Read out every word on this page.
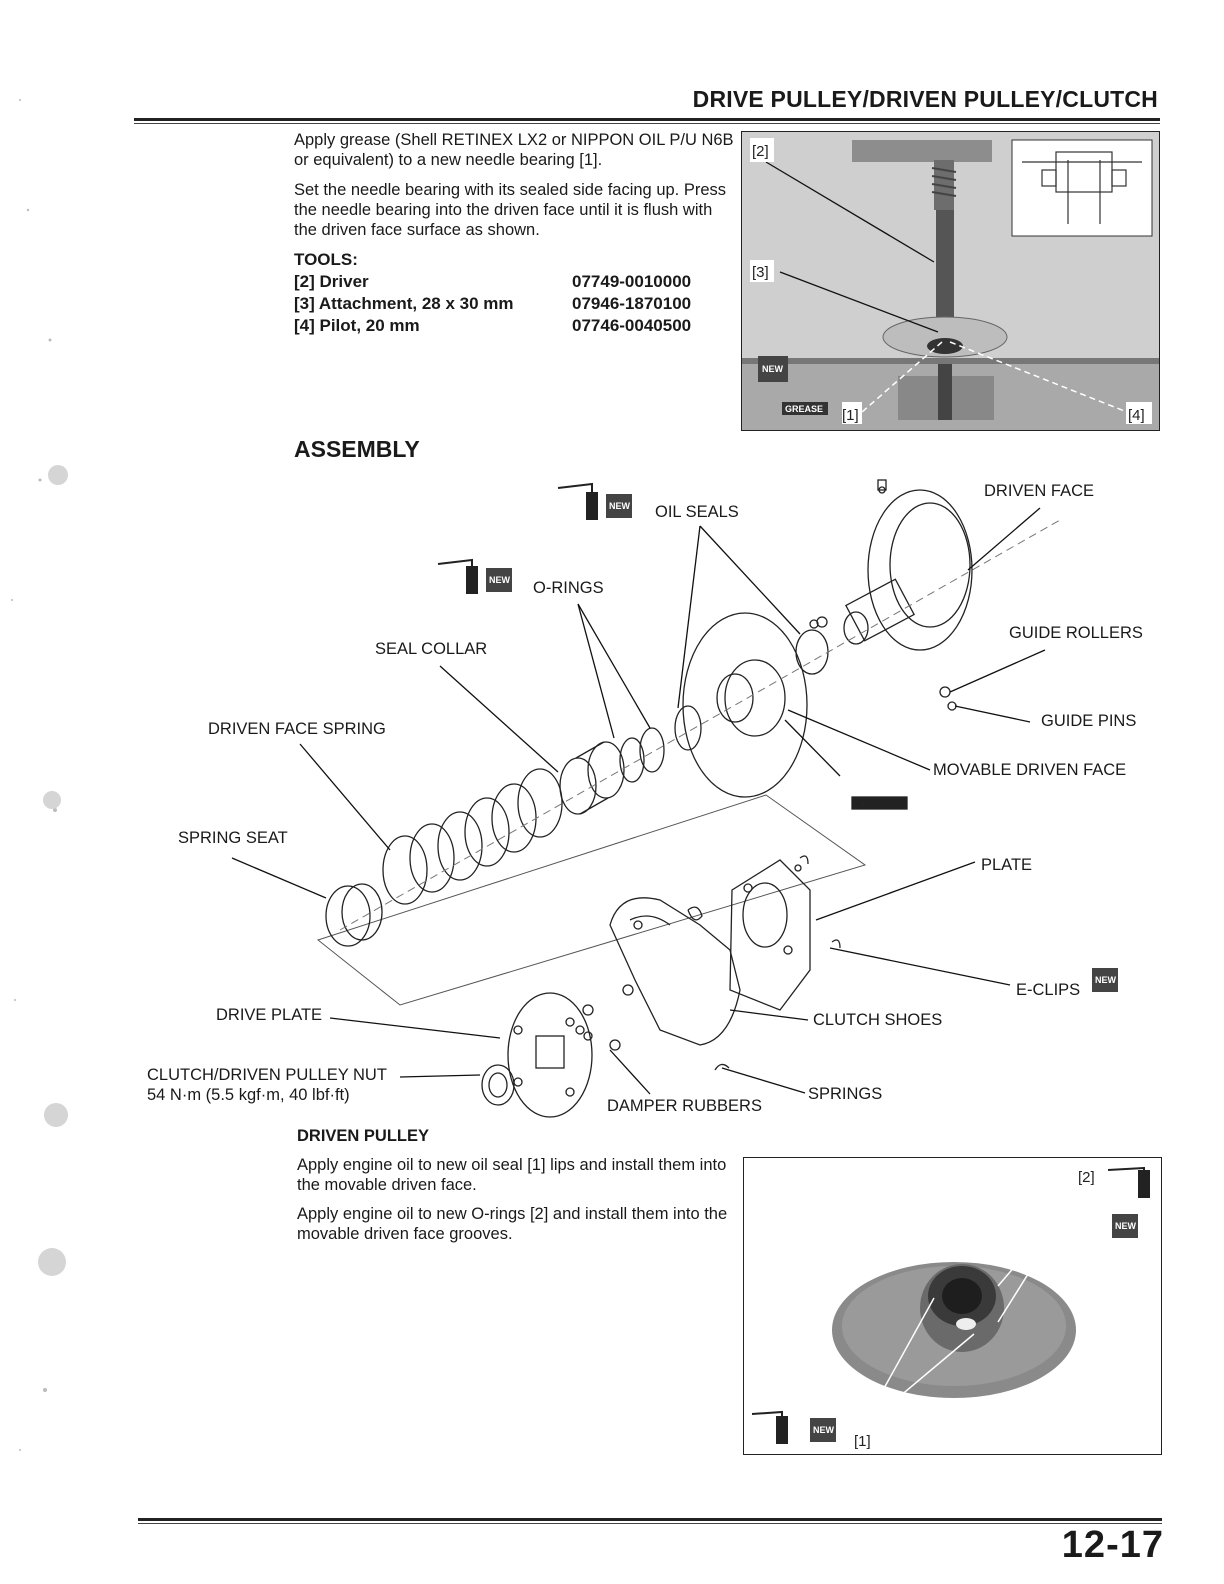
DRIVE PULLEY/DRIVEN PULLEY/CLUTCH
Apply grease (Shell RETINEX LX2 or NIPPON OIL P/U N6B or equivalent) to a new needle bearing [1].
Set the needle bearing with its sealed side facing up. Press the needle bearing into the driven face until it is flush with the driven face surface as shown.
TOOLS:
[2] Driver	07749-0010000
[3] Attachment, 28 x 30 mm	07946-1870100
[4] Pilot, 20 mm	07746-0040500
NEW
GREASE
[2]
[3]
[1]	[4]
ASSEMBLY
GREASE
NEW
NEW
NEW
OIL SEALS
O-RINGS
SEAL COLLAR
DRIVEN FACE SPRING
SPRING SEAT
DRIVE PLATE
CLUTCH/DRIVEN PULLEY NUT
54 N·m (5.5 kgf·m, 40 lbf·ft)
DAMPER RUBBERS
SPRINGS
CLUTCH SHOES
E-CLIPS
PLATE
MOVABLE DRIVEN FACE
GUIDE PINS
GUIDE ROLLERS
DRIVEN FACE
DRIVEN PULLEY
Apply engine oil to new oil seal [1] lips and install them into the movable driven face.
Apply engine oil to new O-rings [2] and install them into the movable driven face grooves.	NEW
NEW
[1]
[2]
12-17
